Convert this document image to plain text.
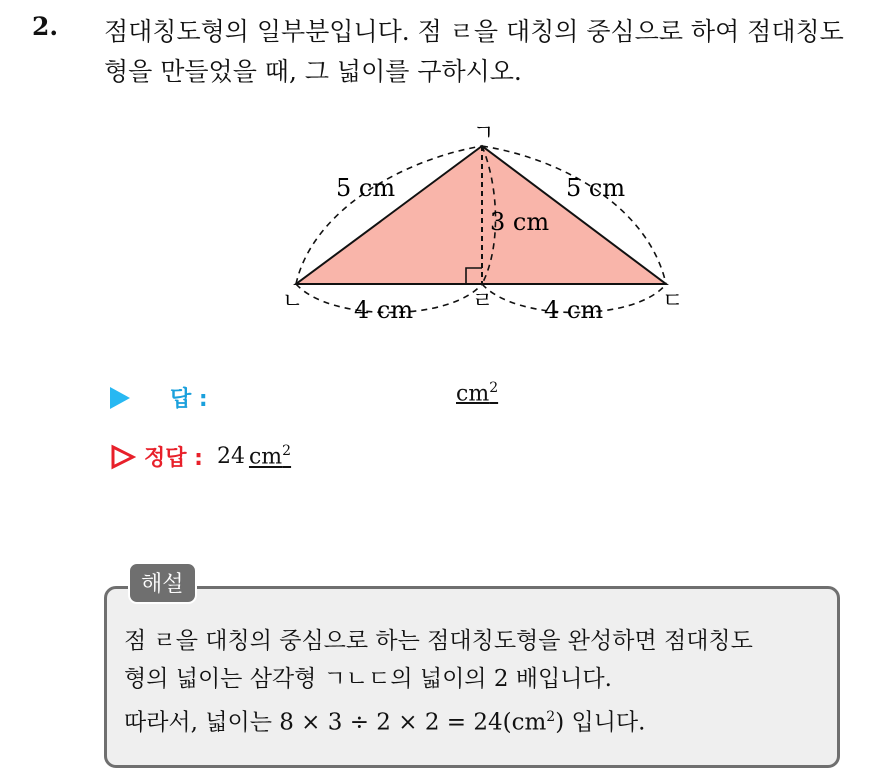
2. 점대칭도형의 일부분입니다. 점 ㄹ을 대칭의 중심으로 하여 점대칭도형을 만들었을 때, 그 넓이를 구하시오.
ㄱ
ㄴ	ㄷ
ㄹ
5 cm	5 cm
3 cm
4 cm	4 cm
답 :	$cm^2$
정답 : 24 $cm^2$
해설
점 ㄹ을 대칭의 중심으로 하는 점대칭도형을 완성하면 점대칭도
형의 넓이는 삼각형 ㄱㄴㄷ의 넓이의 2 배입니다.
따라서, 넓이는 $8 \times 3 \div 2 \times 2 = 24(cm^2)$ 입니다.
